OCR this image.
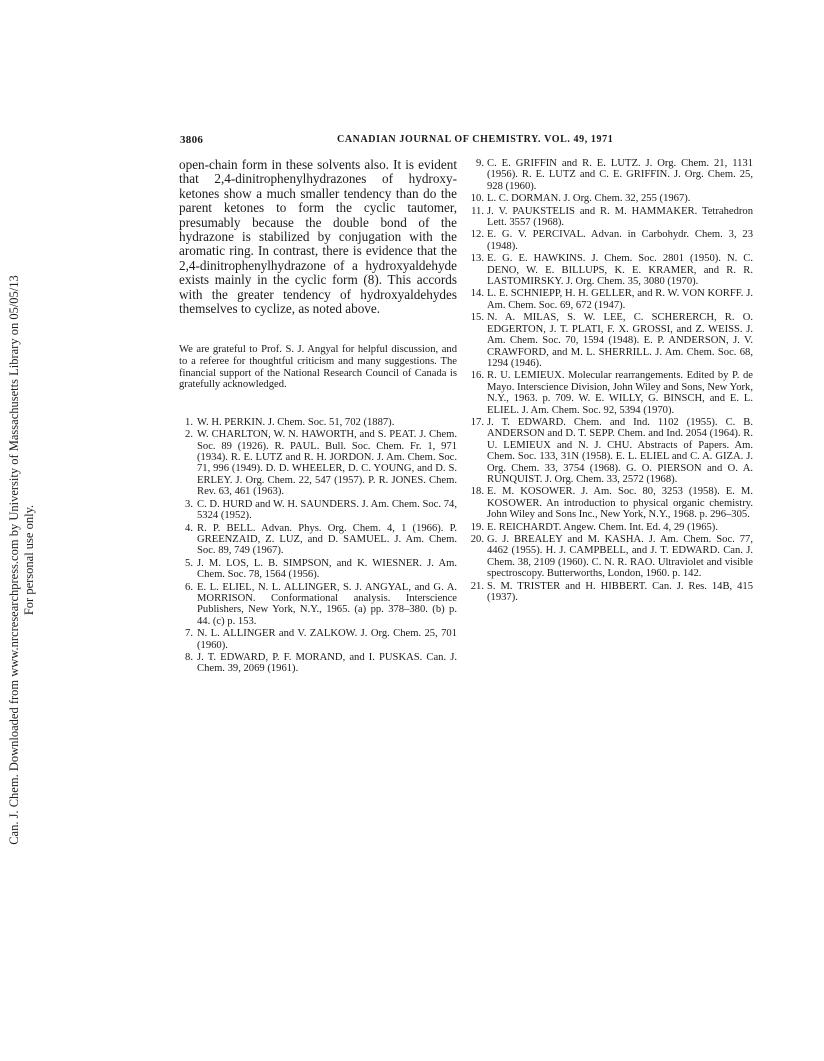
Can. J. Chem. Downloaded from www.nrcresearchpress.com by University of Massachusetts Library on 05/05/13 For personal use only.
3806	CANADIAN JOURNAL OF CHEMISTRY. VOL. 49, 1971

open-chain form in these solvents also. It is evident that 2,4-dinitrophenylhydrazones of hydroxy-ketones show a much smaller tendency than do the parent ketones to form the cyclic tautomer, presumably because the double bond of the hydrazone is stabilized by conjugation with the aromatic ring. In contrast, there is evidence that the 2,4-dinitrophenylhydrazone of a hydroxyaldehyde exists mainly in the cyclic form (8). This accords with the greater tendency of hydroxyaldehydes themselves to cyclize, as noted above.

We are grateful to Prof. S. J. Angyal for helpful discussion, and to a referee for thoughtful criticism and many suggestions. The financial support of the National Research Council of Canada is gratefully acknowledged.

1. W. H. PERKIN. J. Chem. Soc. 51, 702 (1887).
2. W. CHARLTON, W. N. HAWORTH, and S. PEAT. J. Chem. Soc. 89 (1926). R. PAUL. Bull. Soc. Chem. Fr. 1, 971 (1934). R. E. LUTZ and R. H. JORDON. J. Am. Chem. Soc. 71, 996 (1949). D. D. WHEELER, D. C. YOUNG, and D. S. ERLEY. J. Org. Chem. 22, 547 (1957). P. R. JONES. Chem. Rev. 63, 461 (1963).
3. C. D. HURD and W. H. SAUNDERS. J. Am. Chem. Soc. 74, 5324 (1952).
4. R. P. BELL. Advan. Phys. Org. Chem. 4, 1 (1966). P. GREENZAID, Z. LUZ, and D. SAMUEL. J. Am. Chem. Soc. 89, 749 (1967).
5. J. M. LOS, L. B. SIMPSON, and K. WIESNER. J. Am. Chem. Soc. 78, 1564 (1956).
6. E. L. ELIEL, N. L. ALLINGER, S. J. ANGYAL, and G. A. MORRISON. Conformational analysis. Interscience Publishers, New York, N.Y., 1965. (a) pp. 378–380. (b) p. 44. (c) p. 153.
7. N. L. ALLINGER and V. ZALKOW. J. Org. Chem. 25, 701 (1960).
8. J. T. EDWARD, P. F. MORAND, and I. PUSKAS. Can. J. Chem. 39, 2069 (1961).
9. C. E. GRIFFIN and R. E. LUTZ. J. Org. Chem. 21, 1131 (1956). R. E. LUTZ and C. E. GRIFFIN. J. Org. Chem. 25, 928 (1960).
10. L. C. DORMAN. J. Org. Chem. 32, 255 (1967).
11. J. V. PAUKSTELIS and R. M. HAMMAKER. Tetrahedron Lett. 3557 (1968).
12. E. G. V. PERCIVAL. Advan. in Carbohydr. Chem. 3, 23 (1948).
13. E. G. E. HAWKINS. J. Chem. Soc. 2801 (1950). N. C. DENO, W. E. BILLUPS, K. E. KRAMER, and R. R. LASTOMIRSKY. J. Org. Chem. 35, 3080 (1970).
14. L. E. SCHNIEPP, H. H. GELLER, and R. W. VON KORFF. J. Am. Chem. Soc. 69, 672 (1947).
15. N. A. MILAS, S. W. LEE, C. SCHERERCH, R. O. EDGERTON, J. T. PLATI, F. X. GROSSI, and Z. WEISS. J. Am. Chem. Soc. 70, 1594 (1948). E. P. ANDERSON, J. V. CRAWFORD, and M. L. SHERRILL. J. Am. Chem. Soc. 68, 1294 (1946).
16. R. U. LEMIEUX. Molecular rearrangements. Edited by P. de Mayo. Interscience Division, John Wiley and Sons, New York, N.Y., 1963. p. 709. W. E. WILLY, G. BINSCH, and E. L. ELIEL. J. Am. Chem. Soc. 92, 5394 (1970).
17. J. T. EDWARD. Chem. and Ind. 1102 (1955). C. B. ANDERSON and D. T. SEPP. Chem. and Ind. 2054 (1964). R. U. LEMIEUX and N. J. CHU. Abstracts of Papers. Am. Chem. Soc. 133, 31N (1958). E. L. ELIEL and C. A. GIZA. J. Org. Chem. 33, 3754 (1968). G. O. PIERSON and O. A. RUNQUIST. J. Org. Chem. 33, 2572 (1968).
18. E. M. KOSOWER. J. Am. Soc. 80, 3253 (1958). E. M. KOSOWER. An introduction to physical organic chemistry. John Wiley and Sons Inc., New York, N.Y., 1968. p. 296–305.
19. E. REICHARDT. Angew. Chem. Int. Ed. 4, 29 (1965).
20. G. J. BREALEY and M. KASHA. J. Am. Chem. Soc. 77, 4462 (1955). H. J. CAMPBELL, and J. T. EDWARD. Can. J. Chem. 38, 2109 (1960). C. N. R. RAO. Ultraviolet and visible spectroscopy. Butterworths, London, 1960. p. 142.
21. S. M. TRISTER and H. HIBBERT. Can. J. Res. 14B, 415 (1937).
